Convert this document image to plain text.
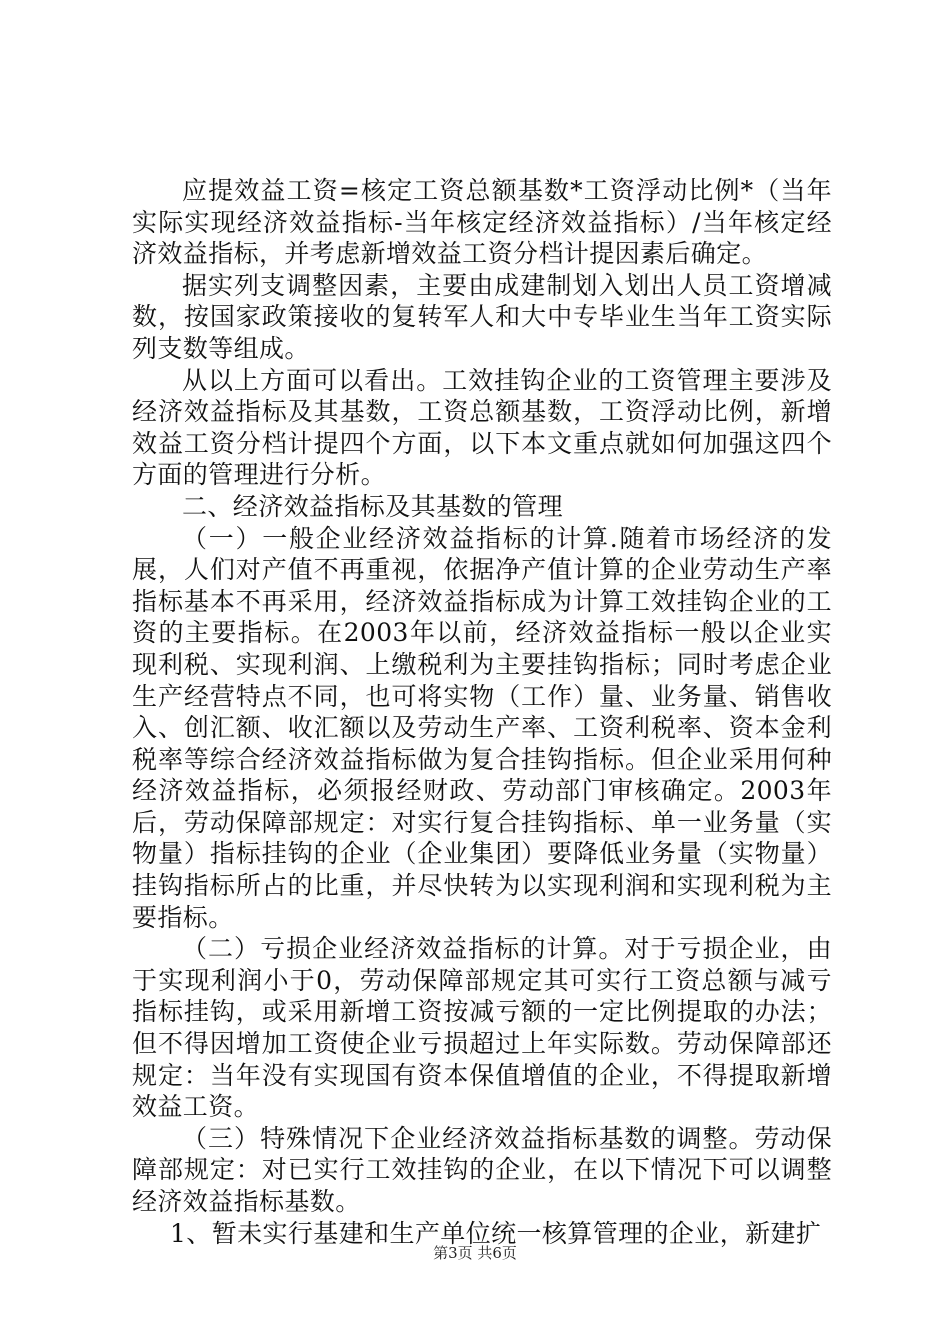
应提效益工资=核定工资总额基数*工资浮动比例*（当年实际实现经济效益指标-当年核定经济效益指标）/当年核定经济效益指标，并考虑新增效益工资分档计提因素后确定。

据实列支调整因素，主要由成建制划入划出人员工资增减数，按国家政策接收的复转军人和大中专毕业生当年工资实际列支数等组成。

从以上方面可以看出。工效挂钩企业的工资管理主要涉及经济效益指标及其基数，工资总额基数，工资浮动比例，新增效益工资分档计提四个方面，以下本文重点就如何加强这四个方面的管理进行分析。

二、经济效益指标及其基数的管理

（一）一般企业经济效益指标的计算.随着市场经济的发展，人们对产值不再重视，依据净产值计算的企业劳动生产率指标基本不再采用，经济效益指标成为计算工效挂钩企业的工资的主要指标。在2003年以前，经济效益指标一般以企业实现利税、实现利润、上缴税利为主要挂钩指标；同时考虑企业生产经营特点不同，也可将实物（工作）量、业务量、销售收入、创汇额、收汇额以及劳动生产率、工资利税率、资本金利税率等综合经济效益指标做为复合挂钩指标。但企业采用何种经济效益指标，必须报经财政、劳动部门审核确定。2003年后，劳动保障部规定：对实行复合挂钩指标、单一业务量（实物量）指标挂钩的企业（企业集团）要降低业务量（实物量）挂钩指标所占的比重，并尽快转为以实现利润和实现利税为主要指标。

（二）亏损企业经济效益指标的计算。对于亏损企业，由于实现利润小于0，劳动保障部规定其可实行工资总额与减亏指标挂钩，或采用新增工资按减亏额的一定比例提取的办法；但不得因增加工资使企业亏损超过上年实际数。劳动保障部还规定：当年没有实现国有资本保值增值的企业，不得提取新增效益工资。

（三）特殊情况下企业经济效益指标基数的调整。劳动保障部规定：对已实行工效挂钩的企业，在以下情况下可以调整经济效益指标基数。

1、暂未实行基建和生产单位统一核算管理的企业，新建扩

第3页 共6页
